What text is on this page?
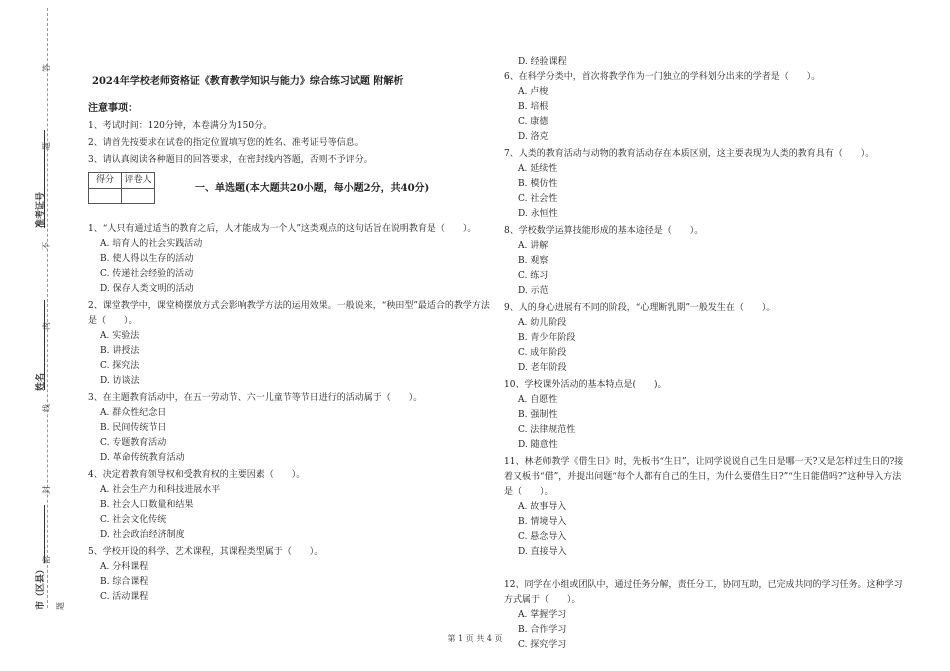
答
题
准考证号
不
内
姓名
线
封
密
市（区县） 题
2024年学校老师资格证《教育教学知识与能力》综合练习试题 附解析
注意事项：
1、考试时间：120分钟，本卷满分为150分。
2、请首先按要求在试卷的指定位置填写您的姓名、准考证号等信息。
3、请认真阅读各种题目的回答要求，在密封线内答题，否则不予评分。
得分	评卷人

一、单选题(本大题共20小题，每小题2分，共40分)
1、“人只有通过适当的教育之后，人才能成为一个人”这类观点的这句话旨在说明教育是（　　）。
A. 培育人的社会实践活动
B. 使人得以生存的活动
C. 传递社会经验的活动
D. 保存人类文明的活动
2、课堂教学中，课堂椅摆放方式会影响教学方法的运用效果。一般说来，“秧田型”最适合的教学方法是（　　）。
A. 实验法
B. 讲授法
C. 探究法
D. 访谈法
3、在主题教育活动中，在五一劳动节、六一儿童节等节日进行的活动属于（　　）。
A. 群众性纪念日
B. 民间传统节日
C. 专题教育活动
D. 革命传统教育活动
4、决定着教育领导权和受教育权的主要因素（　　）。
A. 社会生产力和科技进展水平
B. 社会人口数量和结果
C. 社会文化传统
D. 社会政治经济制度
5、学校开设的科学、艺术课程，其课程类型属于（　　）。
A. 分科课程
B. 综合课程
C. 活动课程
D. 经验课程
6、在科学分类中，首次将教学作为一门独立的学科划分出来的学者是（　　）。
A. 卢梭
B. 培根
C. 康德
D. 洛克
7、人类的教育活动与动物的教育活动存在本质区别，这主要表现为人类的教育具有（　　）。
A. 延续性
B. 模仿性
C. 社会性
D. 永恒性
8、学校数学运算技能形成的基本途径是（　　）。
A. 讲解
B. 观察
C. 练习
D. 示范
9、人的身心进展有不同的阶段，“心理断乳期”一般发生在（　　）。
A. 幼儿阶段
B. 青少年阶段
C. 成年阶段
D. 老年阶段
10、学校课外活动的基本特点是(　　)。
A. 自愿性
B. 强制性
C. 法律规范性
D. 随意性
11、林老师教学《借生日》时，先板书“生日”，让同学说说自己生日是哪一天?又是怎样过生日的?接着又板书“借”，并提出问题“每个人都有自己的生日，为什么要借生日?”“生日能借吗?”这种导入方法是（　　）。
A. 故事导入
B. 情境导入
C. 悬念导入
D. 直接导入
12、同学在小组或团队中，通过任务分解，责任分工，协同互助，已完成共同的学习任务。这种学习方式属于（　　）。
A. 掌握学习
B. 合作学习
C. 探究学习
第 1 页 共 4 页
